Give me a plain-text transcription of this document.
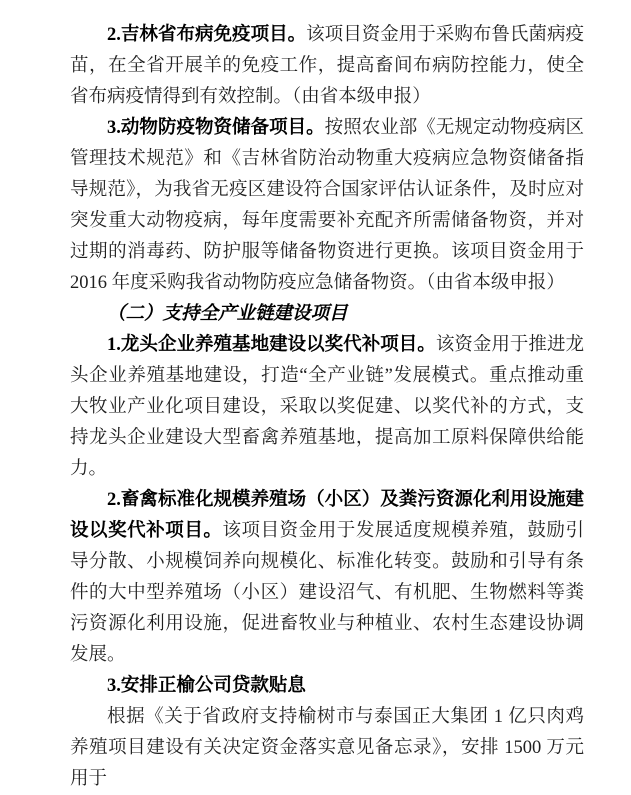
2.吉林省布病免疫项目。该项目资金用于采购布鲁氏菌病疫苗，在全省开展羊的免疫工作，提高畜间布病防控能力，使全省布病疫情得到有效控制。（由省本级申报）

3.动物防疫物资储备项目。按照农业部《无规定动物疫病区管理技术规范》和《吉林省防治动物重大疫病应急物资储备指导规范》，为我省无疫区建设符合国家评估认证条件，及时应对突发重大动物疫病，每年度需要补充配齐所需储备物资，并对过期的消毒药、防护服等储备物资进行更换。该项目资金用于 2016 年度采购我省动物防疫应急储备物资。（由省本级申报）

（二）支持全产业链建设项目

1.龙头企业养殖基地建设以奖代补项目。该资金用于推进龙头企业养殖基地建设，打造“全产业链”发展模式。重点推动重大牧业产业化项目建设，采取以奖促建、以奖代补的方式，支持龙头企业建设大型畜禽养殖基地，提高加工原料保障供给能力。

2.畜禽标准化规模养殖场（小区）及粪污资源化利用设施建设以奖代补项目。该项目资金用于发展适度规模养殖，鼓励引导分散、小规模饲养向规模化、标准化转变。鼓励和引导有条件的大中型养殖场（小区）建设沼气、有机肥、生物燃料等粪污资源化利用设施，促进畜牧业与种植业、农村生态建设协调发展。

3.安排正榆公司贷款贴息

根据《关于省政府支持榆树市与泰国正大集团 1 亿只肉鸡养殖项目建设有关决定资金落实意见备忘录》，安排 1500 万元用于
